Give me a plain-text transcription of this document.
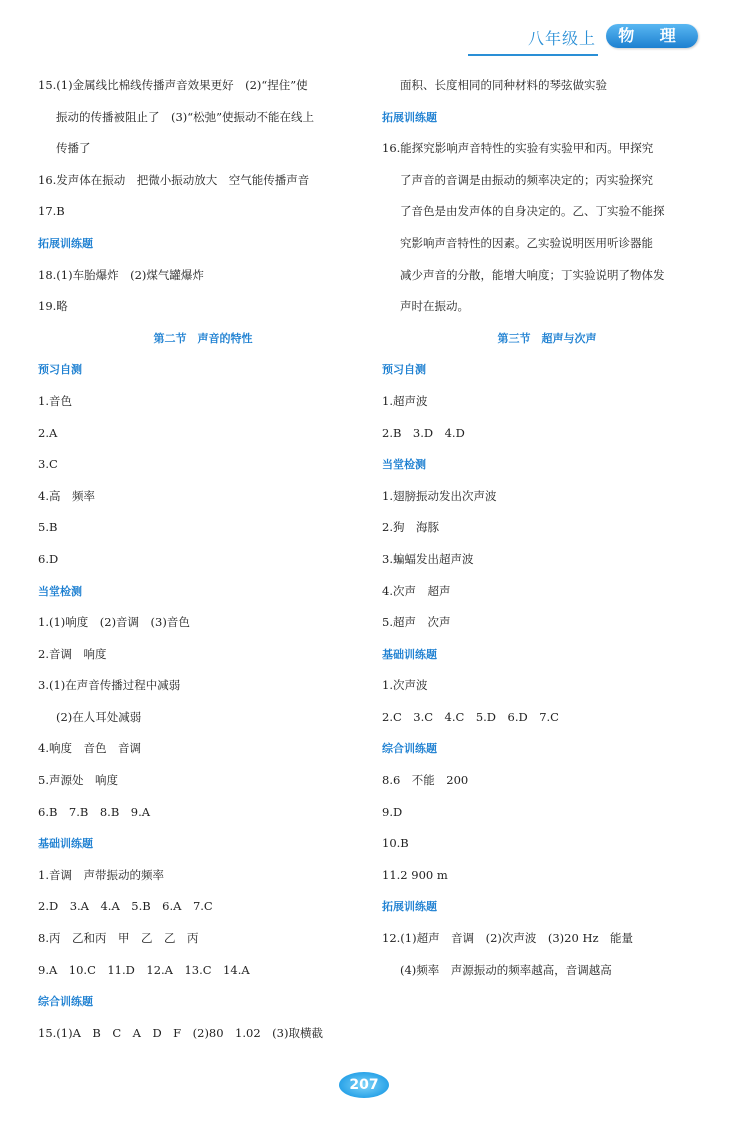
八年级上	物 理
15.(1)金属线比棉线传播声音效果更好　(2)“捏住”使
振动的传播被阻止了　(3)“松弛”使振动不能在线上
传播了
16.发声体在振动　把微小振动放大　空气能传播声音
17.B
拓展训练题
18.(1)车胎爆炸　(2)煤气罐爆炸
19.略
第二节　声音的特性
预习自测
1.音色
2.A
3.C
4.高　频率
5.B
6.D
当堂检测
1.(1)响度　(2)音调　(3)音色
2.音调　响度
3.(1)在声音传播过程中减弱
(2)在人耳处减弱
4.响度　音色　音调
5.声源处　响度
6.B　7.B　8.B　9.A
基础训练题
1.音调　声带振动的频率
2.D　3.A　4.A　5.B　6.A　7.C
8.丙　乙和丙　甲　乙　乙　丙
9.A　10.C　11.D　12.A　13.C　14.A
综合训练题
15.(1)A　B　C　A　D　F　(2)80　1.02　(3)取横截
面积、长度相同的同种材料的琴弦做实验
拓展训练题
16.能探究影响声音特性的实验有实验甲和丙。甲探究
了声音的音调是由振动的频率决定的；丙实验探究
了音色是由发声体的自身决定的。乙、丁实验不能探
究影响声音特性的因素。乙实验说明医用听诊器能
减少声音的分散，能增大响度；丁实验说明了物体发
声时在振动。
第三节　超声与次声
预习自测
1.超声波
2.B　3.D　4.D
当堂检测
1.翅膀振动发出次声波
2.狗　海豚
3.蝙蝠发出超声波
4.次声　超声
5.超声　次声
基础训练题
1.次声波
2.C　3.C　4.C　5.D　6.D　7.C
综合训练题
8.6　不能　200
9.D
10.B
11.2 900 m
拓展训练题
12.(1)超声　音调　(2)次声波　(3)20 Hz　能量
(4)频率　声源振动的频率越高，音调越高
207
